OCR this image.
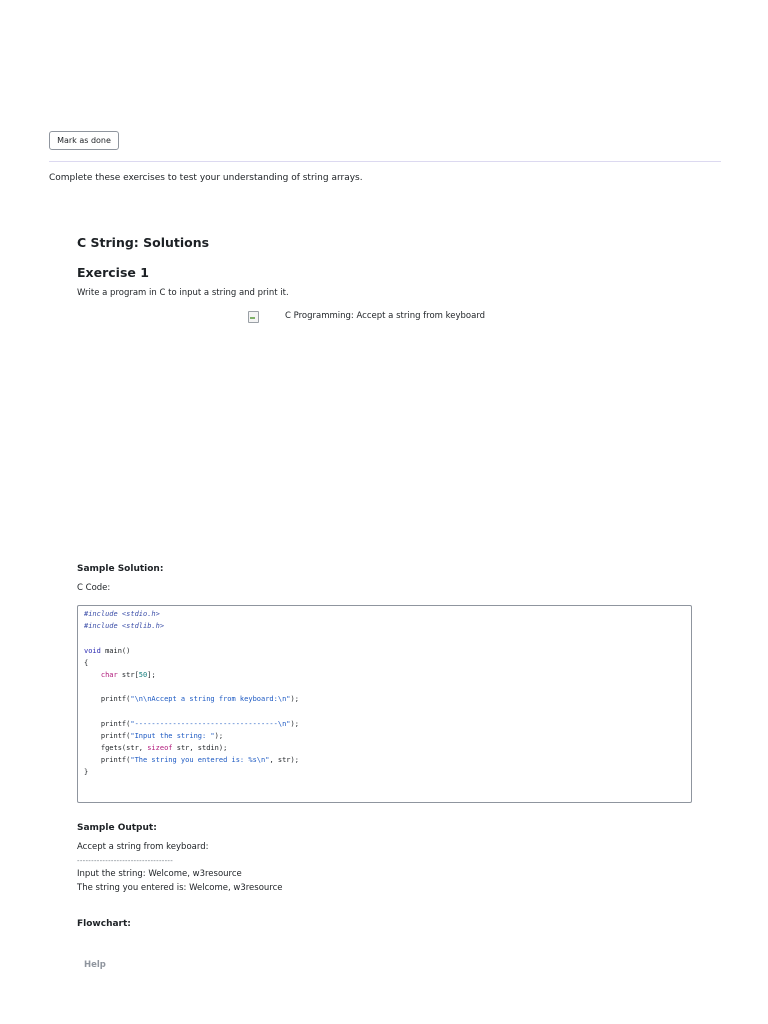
Mark as done
Complete these exercises to test your understanding of string arrays.
C String: Solutions
Exercise 1

Write a program in C to input a string and print it.

C Programming: Accept a string from keyboard
Sample Solution:

C Code:

#include <stdio.h>
#include <stdlib.h>
void main()
{
char str[50];
printf("\n\nAccept a string from keyboard:\n");
printf("----------------------------------\n");
printf("Input the string: ");
fgets(str, sizeof str, stdin);
printf("The string you entered is: %s\n", str);
}
Sample Output:
Accept a string from keyboard:
----------------------------------
Input the string: Welcome, w3resource
The string you entered is: Welcome, w3resource
Flowchart:
Help
